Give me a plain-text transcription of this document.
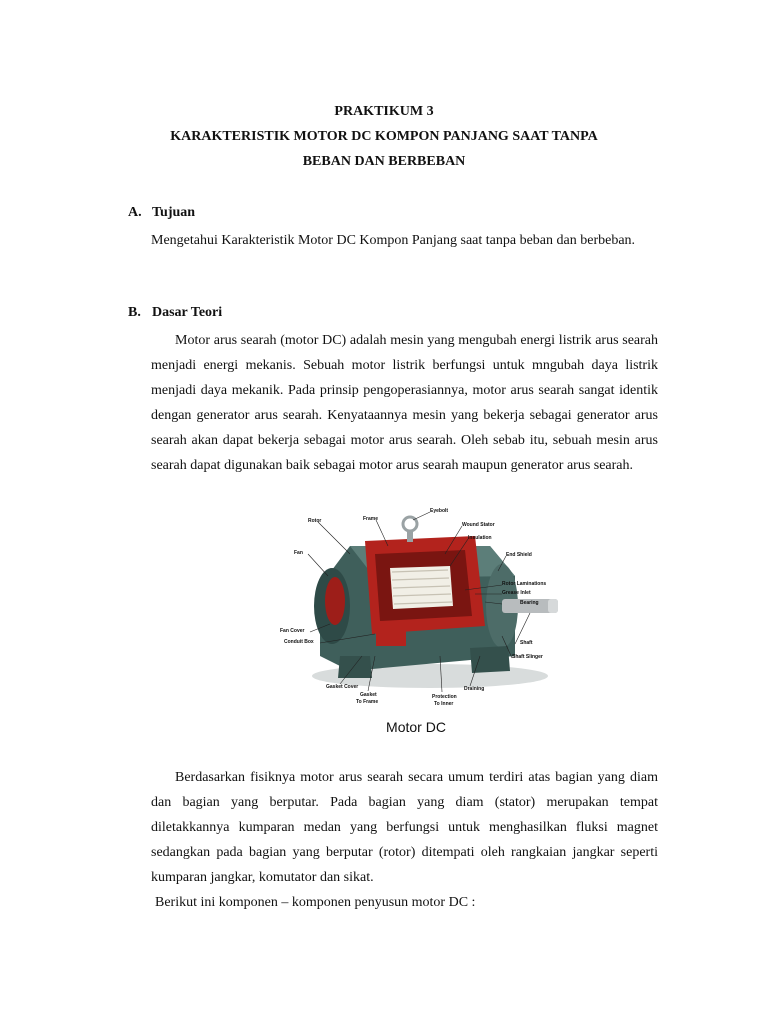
PRAKTIKUM 3
KARAKTERISTIK MOTOR DC KOMPON PANJANG SAAT TANPA
BEBAN DAN BERBEBAN
A. Tujuan

Mengetahui Karakteristik Motor DC Kompon Panjang saat tanpa beban dan berbeban.

B. Dasar Teori

Motor arus searah (motor DC) adalah mesin yang mengubah energi listrik arus searah menjadi energi mekanis. Sebuah motor listrik berfungsi untuk mngubah daya listrik menjadi daya mekanik. Pada prinsip pengoperasiannya, motor arus searah sangat identik dengan generator arus searah. Kenyataannya mesin yang bekerja sebagai generator arus searah akan dapat bekerja sebagai motor arus searah. Oleh sebab itu, sebuah mesin arus searah dapat digunakan baik sebagai motor arus searah maupun generator arus searah.

Rotor	Frame
Eyebolt
Wound Stator
Insulation
End Shield
Fan
Rotor Laminations
Grease Inlet
Bearing
Fan Cover
Conduit Box	Shaft
Shaft Slinger
Gasket Cover
Gasket
To Frame
Protection
To Inner
Draining
Motor DC

Berdasarkan fisiknya motor arus searah secara umum terdiri atas bagian yang diam dan bagian yang berputar. Pada bagian yang diam (stator) merupakan tempat diletakkannya kumparan medan yang berfungsi untuk menghasilkan fluksi magnet sedangkan pada bagian yang berputar (rotor) ditempati oleh rangkaian jangkar seperti kumparan jangkar, komutator dan sikat.

Berikut ini komponen – komponen penyusun motor DC :
